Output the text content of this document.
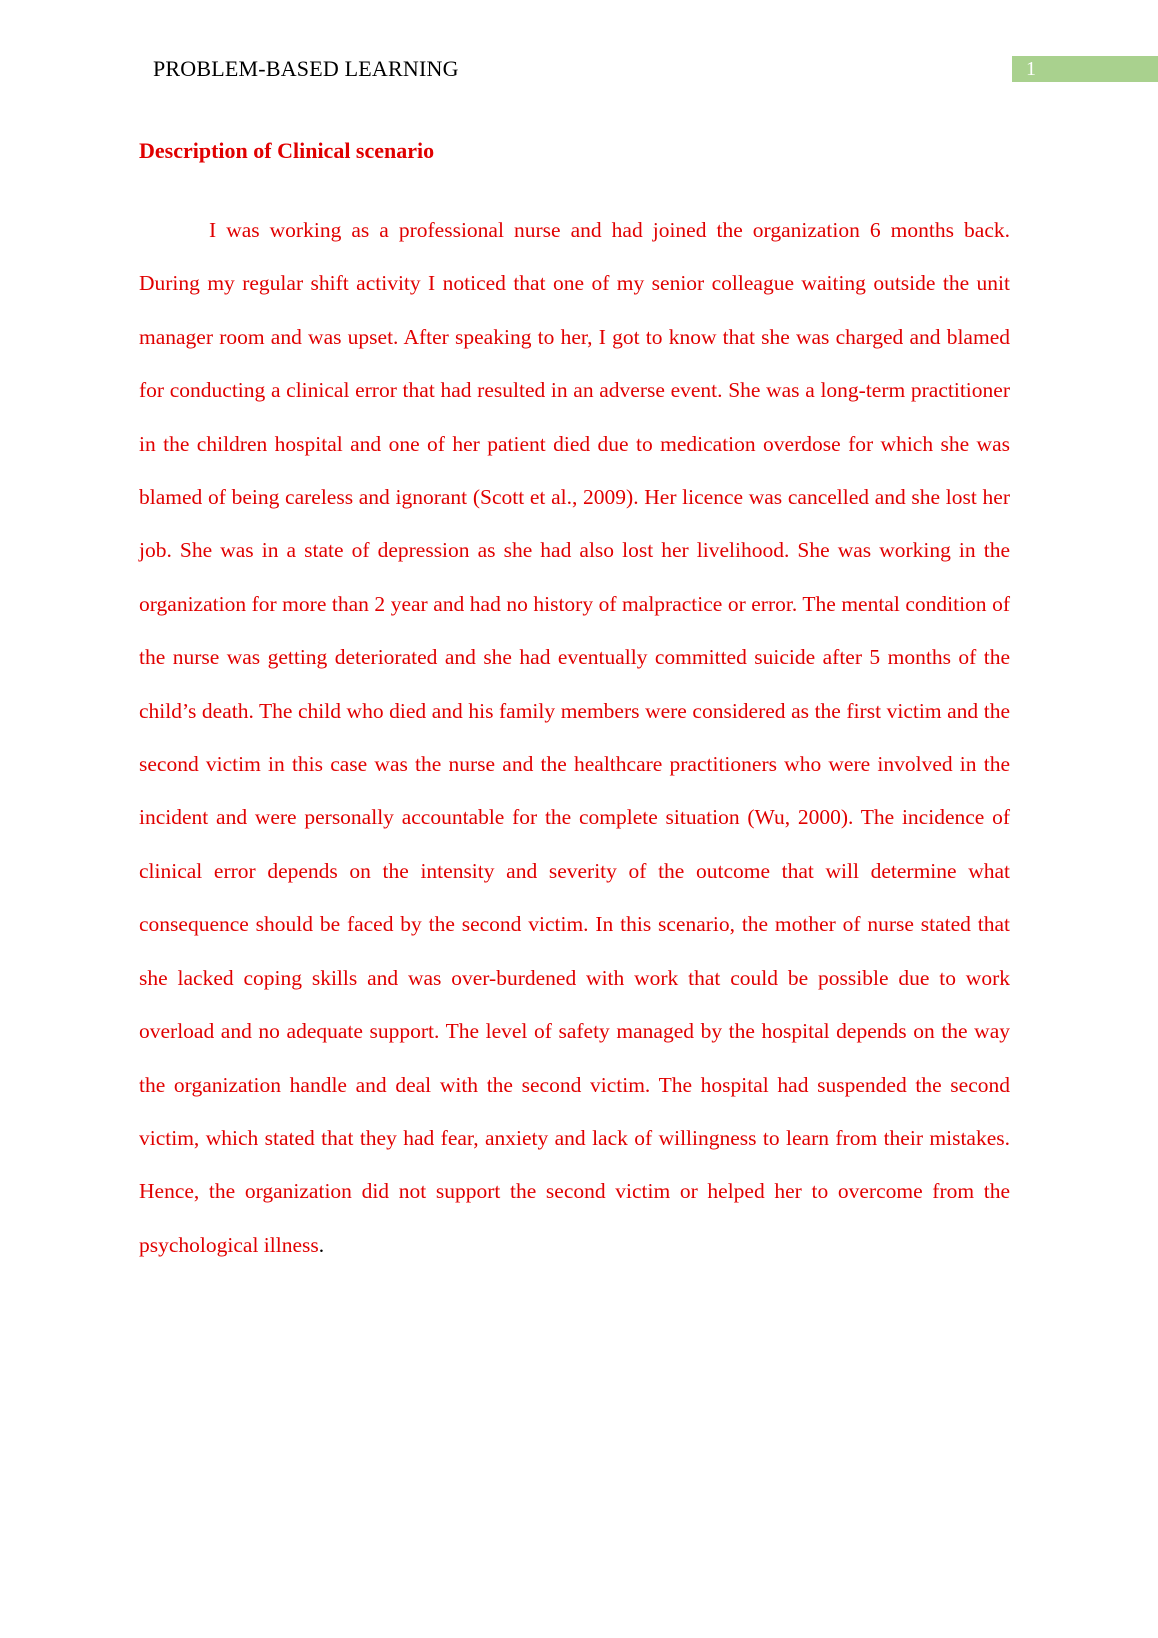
PROBLEM-BASED LEARNING	1
Description of Clinical scenario

I was working as a professional nurse and had joined the organization 6 months back. During my regular shift activity I noticed that one of my senior colleague waiting outside the unit manager room and was upset. After speaking to her, I got to know that she was charged and blamed for conducting a clinical error that had resulted in an adverse event. She was a long-term practitioner in the children hospital and one of her patient died due to medication overdose for which she was blamed of being careless and ignorant (Scott et al., 2009). Her licence was cancelled and she lost her job. She was in a state of depression as she had also lost her livelihood. She was working in the organization for more than 2 year and had no history of malpractice or error. The mental condition of the nurse was getting deteriorated and she had eventually committed suicide after 5 months of the child’s death. The child who died and his family members were considered as the first victim and the second victim in this case was the nurse and the healthcare practitioners who were involved in the incident and were personally accountable for the complete situation (Wu, 2000). The incidence of clinical error depends on the intensity and severity of the outcome that will determine what consequence should be faced by the second victim. In this scenario, the mother of nurse stated that she lacked coping skills and was over-burdened with work that could be possible due to work overload and no adequate support. The level of safety managed by the hospital depends on the way the organization handle and deal with the second victim. The hospital had suspended the second victim, which stated that they had fear, anxiety and lack of willingness to learn from their mistakes. Hence, the organization did not support the second victim or helped her to overcome from the psychological illness.
